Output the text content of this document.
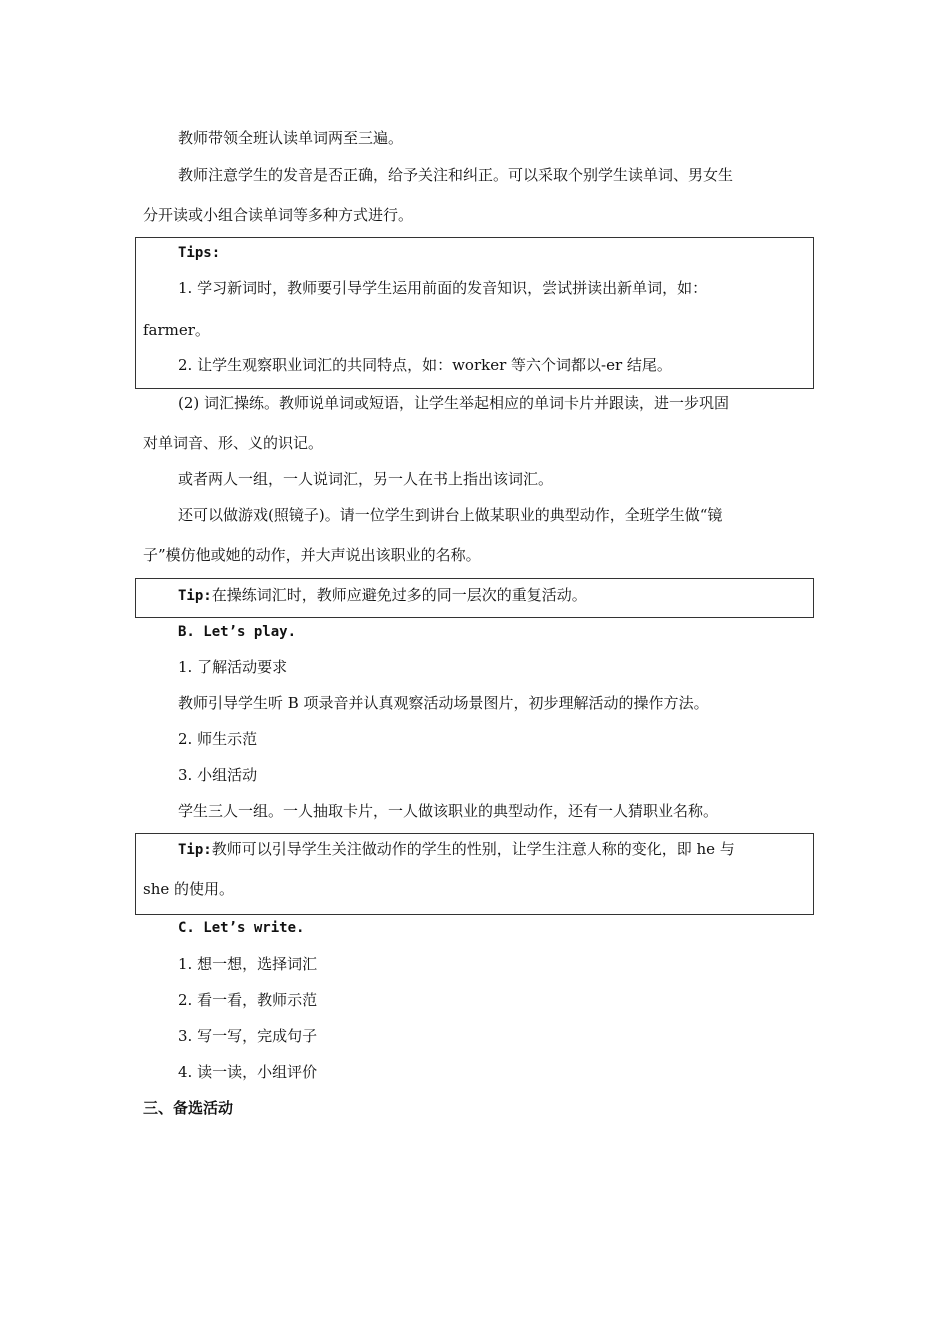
教师带领全班认读单词两至三遍。
教师注意学生的发音是否正确，给予关注和纠正。可以采取个别学生读单词、男女生
分开读或小组合读单词等多种方式进行。
Tips:
1. 学习新词时，教师要引导学生运用前面的发音知识，尝试拼读出新单词，如：
farmer。
2. 让学生观察职业词汇的共同特点，如：worker 等六个词都以-er 结尾。
(2) 词汇操练。教师说单词或短语，让学生举起相应的单词卡片并跟读，进一步巩固
对单词音、形、义的识记。
或者两人一组，一人说词汇，另一人在书上指出该词汇。
还可以做游戏(照镜子)。请一位学生到讲台上做某职业的典型动作，全班学生做“镜
子”模仿他或她的动作，并大声说出该职业的名称。
Tip:在操练词汇时，教师应避免过多的同一层次的重复活动。
B. Let’s play.
1. 了解活动要求
教师引导学生听 B 项录音并认真观察活动场景图片，初步理解活动的操作方法。
2. 师生示范
3. 小组活动
学生三人一组。一人抽取卡片，一人做该职业的典型动作，还有一人猜职业名称。
Tip:教师可以引导学生关注做动作的学生的性别，让学生注意人称的变化，即 he 与
she 的使用。
C. Let’s write.
1. 想一想，选择词汇
2. 看一看，教师示范
3. 写一写，完成句子
4. 读一读，小组评价
三、备选活动
